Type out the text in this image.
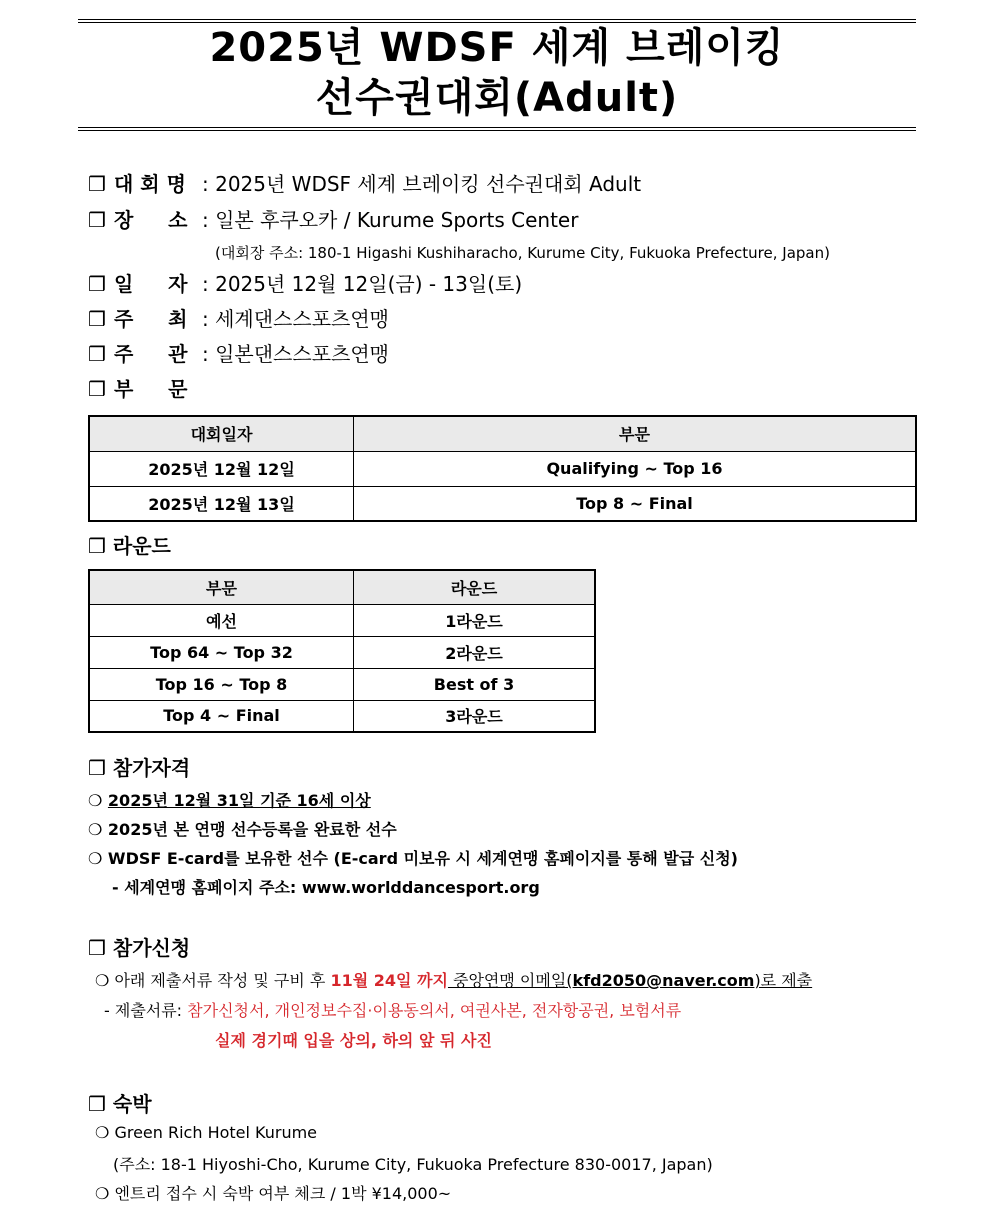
2025년 WDSF 세계 브레이킹
선수권대회(Adult)
❒ 대 회 명 : 2025년 WDSF 세계 브레이킹 선수권대회 Adult
❒ 장     소 : 일본 후쿠오카 / Kurume Sports Center
(대회장 주소: 180-1 Higashi Kushiharacho, Kurume City, Fukuoka Prefecture, Japan)
❒ 일     자 : 2025년 12월 12일(금) - 13일(토)
❒ 주     최 : 세계댄스스포츠연맹
❒ 주     관 : 일본댄스스포츠연맹
❒ 부     문
대회일자	부문
2025년 12월 12일	Qualifying ~ Top 16
2025년 12월 13일	Top 8 ~ Final
❒ 라운드
부문	라운드
예선	1라운드
Top 64 ~ Top 32	2라운드
Top 16 ~ Top 8	Best of 3
Top 4 ~ Final	3라운드
❒ 참가자격
❍ 2025년 12월 31일 기준 16세 이상
❍ 2025년 본 연맹 선수등록을 완료한 선수
❍ WDSF E-card를 보유한 선수 (E-card 미보유 시 세계연맹 홈페이지를 통해 발급 신청)
- 세계연맹 홈페이지 주소: www.worlddancesport.org
❒ 참가신청
❍ 아래 제출서류 작성 및 구비 후 11월 24일 까지 중앙연맹 이메일(kfd2050@naver.com)로 제출
- 제출서류: 참가신청서, 개인정보수집·이용동의서, 여권사본, 전자항공권, 보험서류
실제 경기때 입을 상의, 하의 앞 뒤 사진
❒ 숙박
❍ Green Rich Hotel Kurume
(주소: 18-1 Hiyoshi-Cho, Kurume City, Fukuoka Prefecture 830-0017, Japan)
❍ 엔트리 접수 시 숙박 여부 체크 / 1박 ¥14,000~
